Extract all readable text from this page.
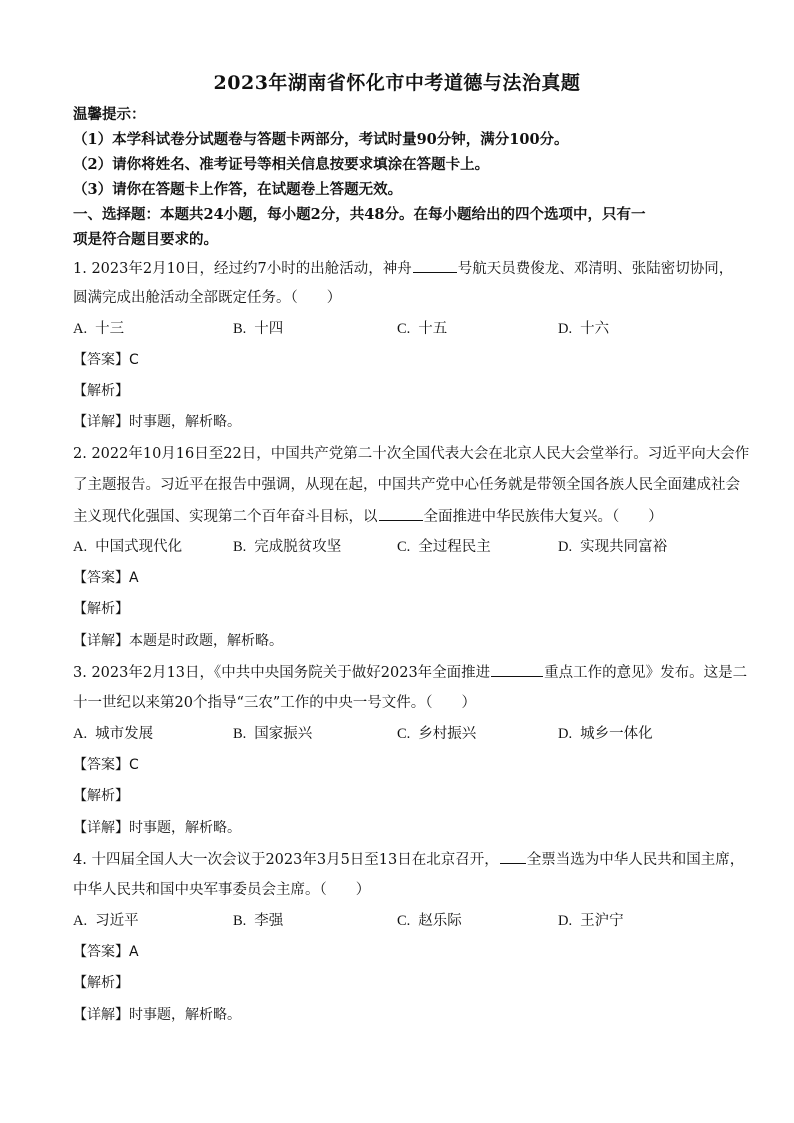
2023年湖南省怀化市中考道德与法治真题
温馨提示：
（1）本学科试卷分试题卷与答题卡两部分，考试时量90分钟，满分100分。
（2）请你将姓名、准考证号等相关信息按要求填涂在答题卡上。
（3）请你在答题卡上作答，在试题卷上答题无效。
一、选择题：本题共24小题，每小题2分，共48分。在每小题给出的四个选项中，只有一
项是符合题目要求的。
1. 2023年2月10日，经过约7小时的出舱活动，神舟	号航天员费俊龙、邓清明、张陆密切协同，
圆满完成出舱活动全部既定任务。（　　）
A. 十三	B. 十四	C. 十五	D. 十六
【答案】C
【解析】
【详解】时事题，解析略。
2. 2022年10月16日至22日，中国共产党第二十次全国代表大会在北京人民大会堂举行。习近平向大会作
了主题报告。习近平在报告中强调，从现在起，中国共产党中心任务就是带领全国各族人民全面建成社会
主义现代化强国、实现第二个百年奋斗目标，以	全面推进中华民族伟大复兴。（　　）
A. 中国式现代化	B. 完成脱贫攻坚	C. 全过程民主	D. 实现共同富裕
【答案】A
【解析】
【详解】本题是时政题，解析略。
3. 2023年2月13日，《中共中央国务院关于做好2023年全面推进	重点工作的意见》发布。这是二
十一世纪以来第20个指导“三农”工作的中央一号文件。（　　）
A. 城市发展	B. 国家振兴	C. 乡村振兴	D. 城乡一体化
【答案】C
【解析】
【详解】时事题，解析略。
4. 十四届全国人大一次会议于2023年3月5日至13日在北京召开， 全票当选为中华人民共和国主席，
中华人民共和国中央军事委员会主席。（　　）
A. 习近平	B. 李强	C. 赵乐际	D. 王沪宁
【答案】A
【解析】
【详解】时事题，解析略。
